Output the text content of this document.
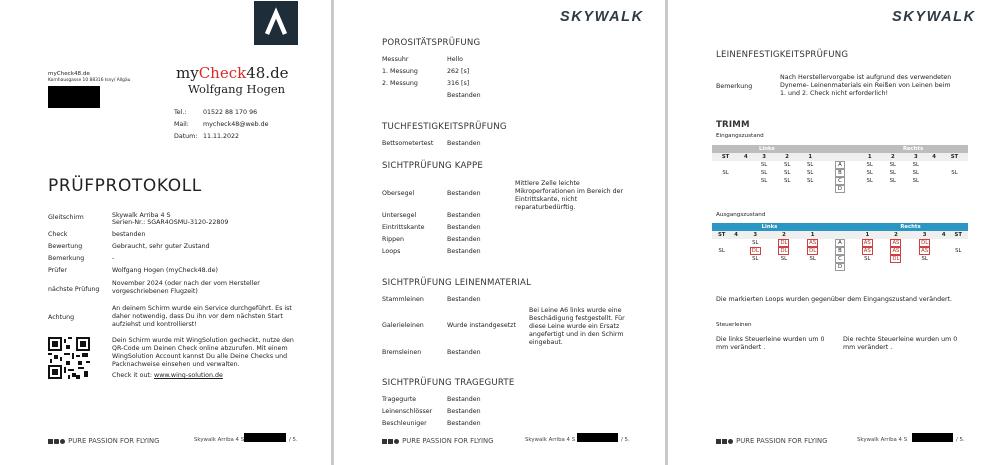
myCheck48.de
Kornhausgasse 10 88316 Isny/ Allgäu	myCheck48.de
Wolfgang Hogen
Tel.:	01522 88 170 96
Mail: mycheck48@web.de
Datum: 11.11.2022
PRÜFPROTOKOLL
Gleitschirm	Skywalk Arriba 4 S
Serien-Nr.: SGAR4OSMU-3120-22809
Check	bestanden
Bewertung	Gebraucht, sehr guter Zustand
Bemerkung	-
Prüfer	Wolfgang Hogen (myCheck48.de)
nächste Prüfung
November 2024 (oder nach der vom Hersteller vorgeschriebenen Flugzeit)
Achtung
An deinem Schirm wurde ein Service durchgeführt. Es ist daher notwendig, dass Du ihn vor dem nächsten Start aufziehst und kontrollierst!
Dein Schirm wurde mit WingSolution gecheckt, nutze den QR-Code um Deinen Check online abzurufen. Mit einem WingSolution Account kannst Du alle Deine Checks und Packnachweise einsehen und verwalten.
Check it out: www.wing-solution.de
PURE PASSION FOR FLYING	Skywalk Arriba 4 S	/ 5.
SKYWALK
POROSITÄTSPRÜFUNG
Messuhr	Hello
1. Messung	262 [s]
2. Messung	316 [s]
Bestanden
TUCHFESTIGKEITSPRÜFUNG
Bettsometertest Bestanden
SICHTPRÜFUNG KAPPE
Obersegel	Bestanden
Mittlere Zelle leichte Mikroperforationen im Bereich der Eintrittskante, nicht reparaturbedürftig.
Untersegel	Bestanden
Eintrittskante	Bestanden
Rippen	Bestanden
Loops	Bestanden
SICHTPRÜFUNG LEINENMATERIAL
Stammleinen	Bestanden
Galerieleinen	Wurde instandgesetzt
Bei Leine A6 links wurde eine Beschädigung festgestellt. Für diese Leine wurde ein Ersatz angefertigt und in den Schirm eingebaut.
Bremsleinen	Bestanden
SICHTPRÜFUNG TRAGEGURTE
Tragegurte	Bestanden
Leinenschlösser Bestanden
Beschleuniger	Bestanden
PURE PASSION FOR FLYING	Skywalk Arriba 4 S	/ 5.
SKYWALK
LEINENFESTIGKEITSPRÜFUNG
Bemerkung
Nach Herstellervorgabe ist aufgrund des verwendeten Dyneme- Leinenmaterials ein Reißen von Leinen beim 1. und 2. Check nicht erforderlich!
TRIMM
Eingangszustand
Links						Rechts				
ST		4	3	2	1		1	2	3	4		ST
			SL	SL	SL	A	SL	SL	SL			
SL			SL	SL	SL	B	SL	SL	SL			SL
			SL	SL	SL	C	SL	SL	SL			
						D						
Ausgangszustand
Links						Rechts				
ST		4	3	2	1		1	2	3	4		ST
			SL	DL	AS	A	AS	AS	DL			
SL			DL	DL	DL	B	AS	AS	AS			SL
			SL	SL	SL	C	SL	DL	SL			
						D						
Die markierten Loops wurden gegenüber dem Eingangszustand verändert.
Steuerleinen
Die links Steuerleine wurden um 0 mm verändert .
Die rechte Steuerleine wurden um 0 mm verändert .
PURE PASSION FOR FLYING	Skywalk Arriba 4 S	/ 5.
